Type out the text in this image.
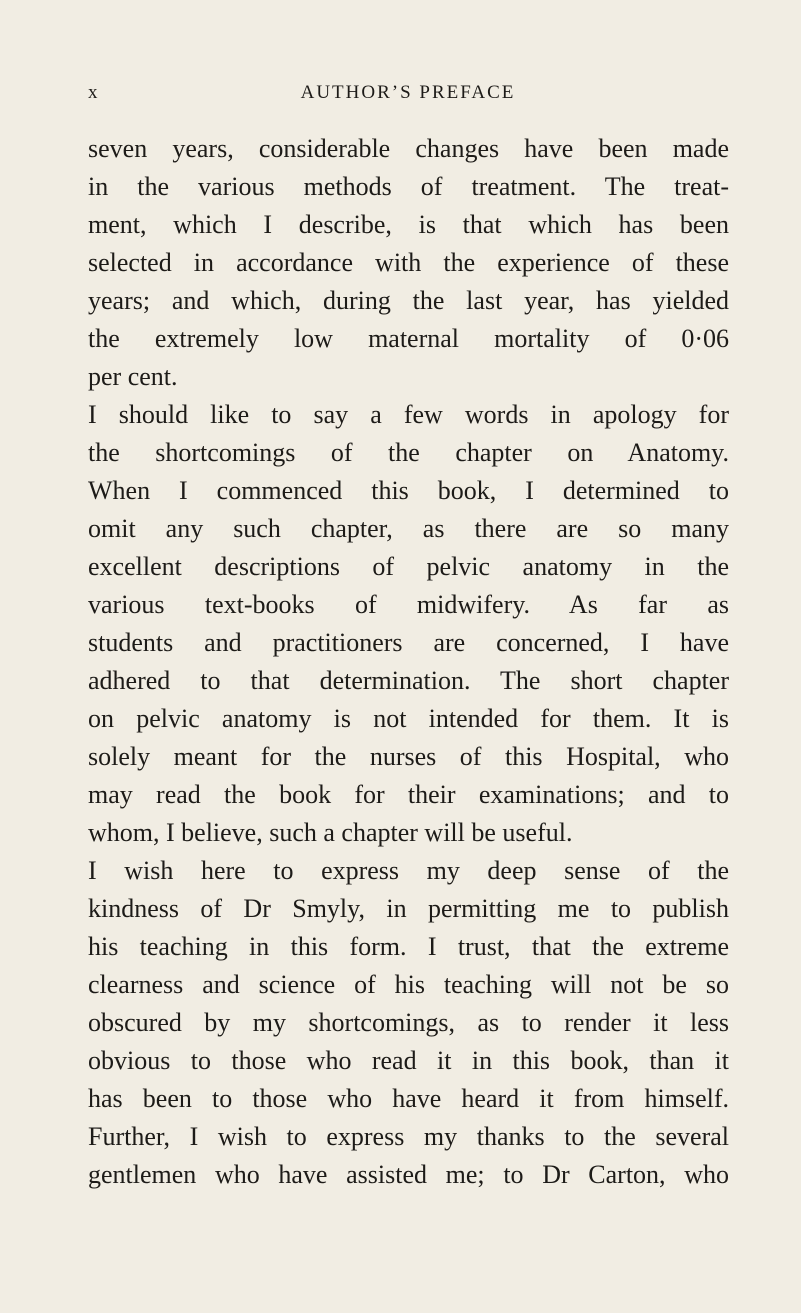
x	AUTHOR’S PREFACE
seven years, considerable changes have been made
in the various methods of treatment. The treat-
ment, which I describe, is that which has been
selected in accordance with the experience of these
years; and which, during the last year, has yielded
the extremely low maternal mortality of 0·06
per cent.
I should like to say a few words in apology for
the shortcomings of the chapter on Anatomy.
When I commenced this book, I determined to
omit any such chapter, as there are so many
excellent descriptions of pelvic anatomy in the
various text-books of midwifery. As far as
students and practitioners are concerned, I have
adhered to that determination. The short chapter
on pelvic anatomy is not intended for them. It is
solely meant for the nurses of this Hospital, who
may read the book for their examinations; and to
whom, I believe, such a chapter will be useful.
I wish here to express my deep sense of the
kindness of Dr Smyly, in permitting me to publish
his teaching in this form. I trust, that the extreme
clearness and science of his teaching will not be so
obscured by my shortcomings, as to render it less
obvious to those who read it in this book, than it
has been to those who have heard it from himself.
Further, I wish to express my thanks to the several
gentlemen who have assisted me; to Dr Carton, who
